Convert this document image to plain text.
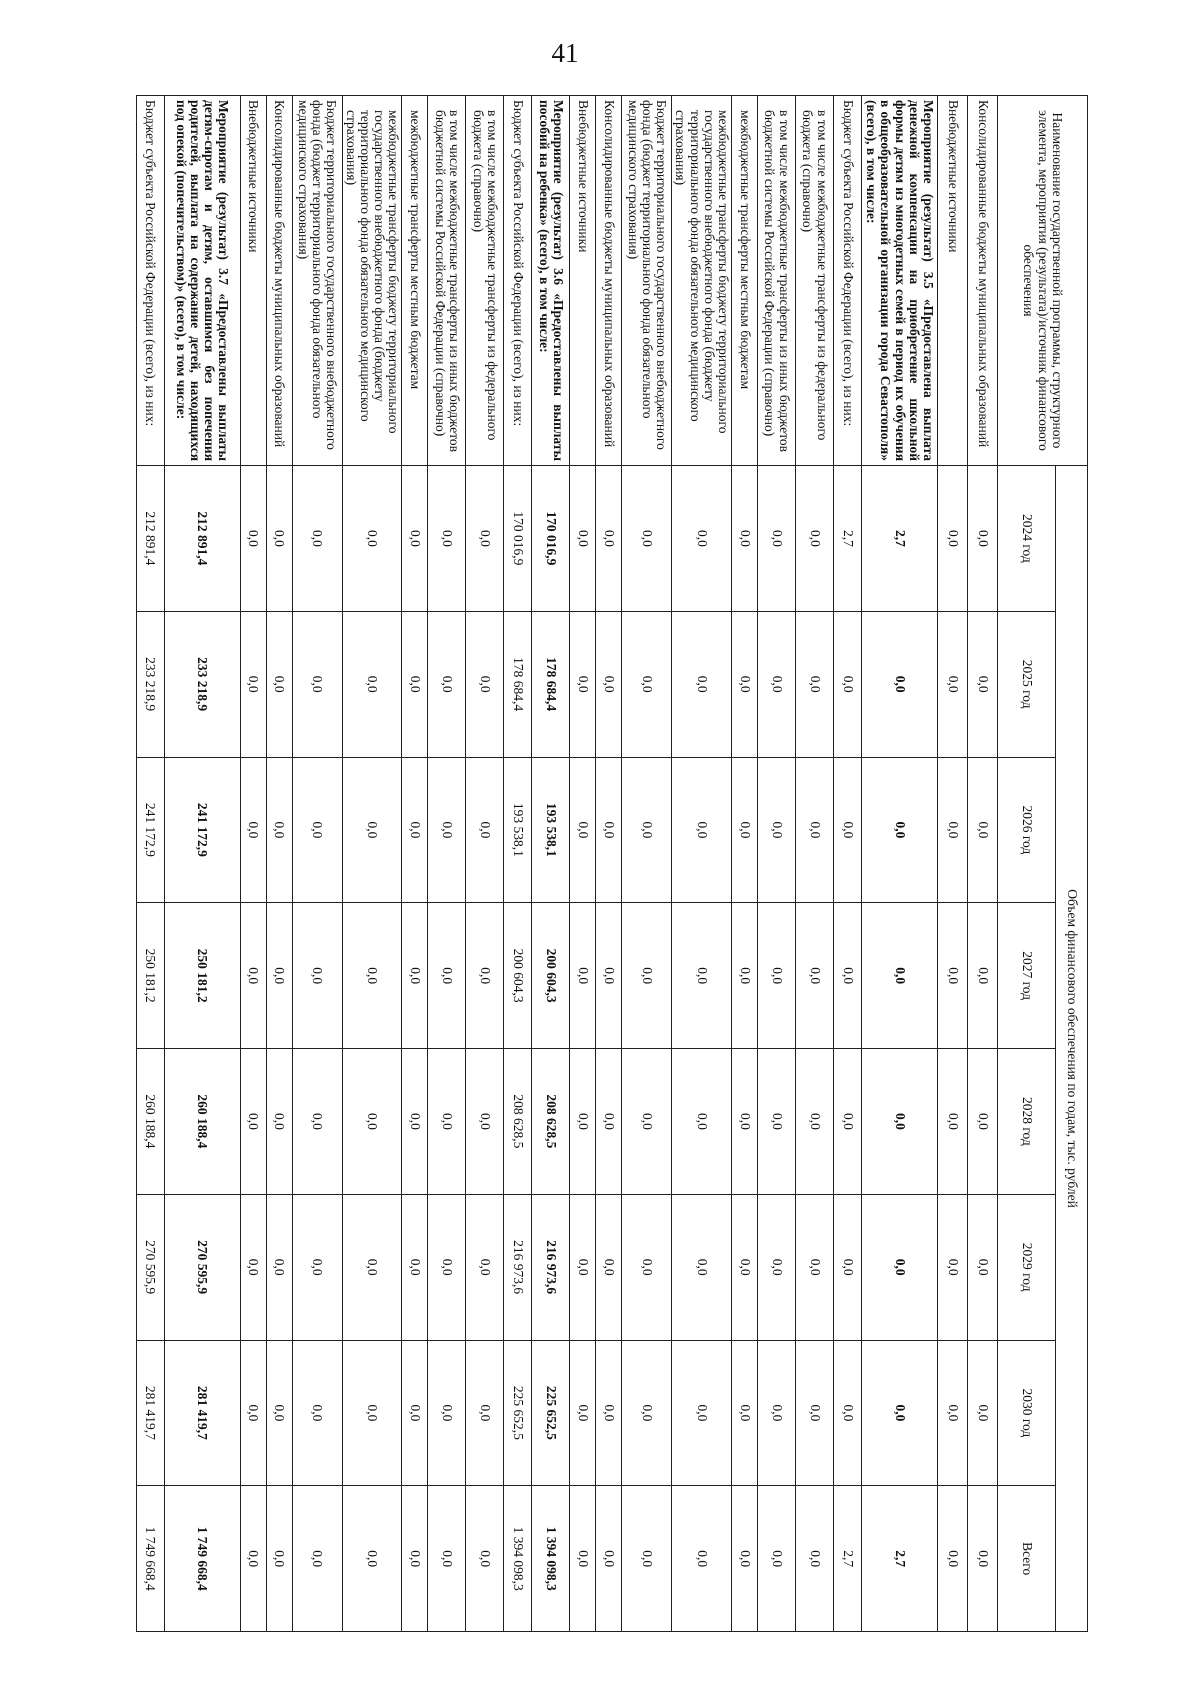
41
Наименование государственной программы, структурного элемента, мероприятия (результата)/источник финансового обеспечения	Объем финансового обеспечения по годам, тыс. рублей							
	2024 год	2025 год	2026 год	2027 год	2028 год	2029 год	2030 год	Всего
Консолидированные бюджеты муниципальных образований	0,0	0,0	0,0	0,0	0,0	0,0	0,0	0,0
Внебюджетные источники	0,0	0,0	0,0	0,0	0,0	0,0	0,0	0,0
Мероприятие (результат) 3.5 «Предоставлена выплата денежной компенсации на приобретение школьной формы детям из многодетных семей в период их обучения в общеобразовательной организации города Севастополя» (всего), в том числе:	2,7	0,0	0,0	0,0	0,0	0,0	0,0	2,7
Бюджет субъекта Российской Федерации (всего), из них:	2,7	0,0	0,0	0,0	0,0	0,0	0,0	2,7
в том числе межбюджетные трансферты из федерального бюджета (справочно)	0,0	0,0	0,0	0,0	0,0	0,0	0,0	0,0
в том числе межбюджетные трансферты из иных бюджетов бюджетной системы Российской Федерации (справочно)	0,0	0,0	0,0	0,0	0,0	0,0	0,0	0,0
межбюджетные трансферты местным бюджетам	0,0	0,0	0,0	0,0	0,0	0,0	0,0	0,0
межбюджетные трансферты бюджету территориального государственного внебюджетного фонда (бюджету территориального фонда обязательного медицинского страхования)	0,0	0,0	0,0	0,0	0,0	0,0	0,0	0,0
Бюджет территориального государственного внебюджетного фонда (бюджет территориального фонда обязательного медицинского страхования)	0,0	0,0	0,0	0,0	0,0	0,0	0,0	0,0
Консолидированные бюджеты муниципальных образований	0,0	0,0	0,0	0,0	0,0	0,0	0,0	0,0
Внебюджетные источники	0,0	0,0	0,0	0,0	0,0	0,0	0,0	0,0
Мероприятие (результат) 3.6 «Предоставлены выплаты пособий на ребенка» (всего), в том числе:	170 016,9	178 684,4	193 538,1	200 604,3	208 628,5	216 973,6	225 652,5	1 394 098,3
Бюджет субъекта Российской Федерации (всего), из них:	170 016,9	178 684,4	193 538,1	200 604,3	208 628,5	216 973,6	225 652,5	1 394 098,3
в том числе межбюджетные трансферты из федерального бюджета (справочно)	0,0	0,0	0,0	0,0	0,0	0,0	0,0	0,0
в том числе межбюджетные трансферты из иных бюджетов бюджетной системы Российской Федерации (справочно)	0,0	0,0	0,0	0,0	0,0	0,0	0,0	0,0
межбюджетные трансферты местным бюджетам	0,0	0,0	0,0	0,0	0,0	0,0	0,0	0,0
межбюджетные трансферты бюджету территориального государственного внебюджетного фонда (бюджету территориального фонда обязательного медицинского страхования)	0,0	0,0	0,0	0,0	0,0	0,0	0,0	0,0
Бюджет территориального государственного внебюджетного фонда (бюджет территориального фонда обязательного медицинского страхования)	0,0	0,0	0,0	0,0	0,0	0,0	0,0	0,0
Консолидированные бюджеты муниципальных образований	0,0	0,0	0,0	0,0	0,0	0,0	0,0	0,0
Внебюджетные источники	0,0	0,0	0,0	0,0	0,0	0,0	0,0	0,0
Мероприятие (результат) 3.7 «Предоставлены выплаты детям-сиротам и детям, оставшимся без попечения родителей, выплата на содержание детей, находящихся под опекой (попечительством)» (всего), в том числе:	212 891,4	233 218,9	241 172,9	250 181,2	260 188,4	270 595,9	281 419,7	1 749 668,4
Бюджет субъекта Российской Федерации (всего), из них:	212 891,4	233 218,9	241 172,9	250 181,2	260 188,4	270 595,9	281 419,7	1 749 668,4
